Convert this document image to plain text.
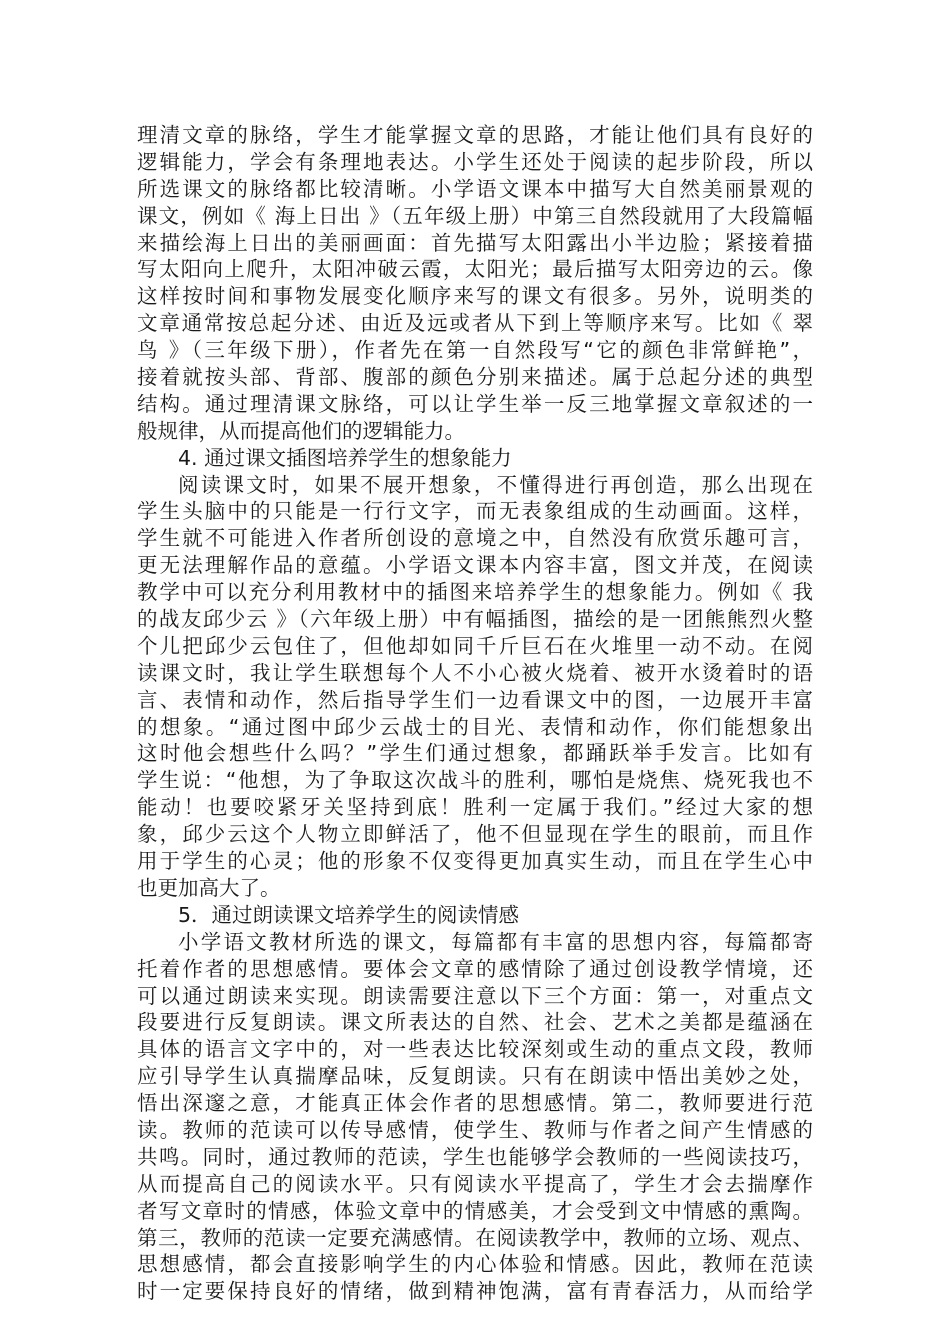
理清文章的脉络，学生才能掌握文章的思路，才能让他们具有良好的
逻辑能力，学会有条理地表达。小学生还处于阅读的起步阶段，所以
所选课文的脉络都比较清晰。小学语文课本中描写大自然美丽景观的
课文，例如《 海上日出 》（五年级上册）中第三自然段就用了大段篇幅
来描绘海上日出的美丽画面：首先描写太阳露出小半边脸；紧接着描
写太阳向上爬升，太阳冲破云霞，太阳光；最后描写太阳旁边的云。像
这样按时间和事物发展变化顺序来写的课文有很多。另外，说明类的
文章通常按总起分述、由近及远或者从下到上等顺序来写。比如《 翠
鸟 》（三年级下册），作者先在第一自然段写“它的颜色非常鲜艳”，
接着就按头部、背部、腹部的颜色分别来描述。属于总起分述的典型
结构。通过理清课文脉络，可以让学生举一反三地掌握文章叙述的一
般规律，从而提高他们的逻辑能力。
4. 通过课文插图培养学生的想象能力
阅读课文时，如果不展开想象，不懂得进行再创造，那么出现在
学生头脑中的只能是一行行文字，而无表象组成的生动画面。这样，
学生就不可能进入作者所创设的意境之中，自然没有欣赏乐趣可言，
更无法理解作品的意蕴。小学语文课本内容丰富，图文并茂，在阅读
教学中可以充分利用教材中的插图来培养学生的想象能力。例如《 我
的战友邱少云 》（六年级上册）中有幅插图，描绘的是一团熊熊烈火整
个儿把邱少云包住了，但他却如同千斤巨石在火堆里一动不动。在阅
读课文时，我让学生联想每个人不小心被火烧着、被开水烫着时的语
言、表情和动作，然后指导学生们一边看课文中的图，一边展开丰富
的想象。“通过图中邱少云战士的目光、表情和动作，你们能想象出
这时他会想些什么吗？”学生们通过想象，都踊跃举手发言。比如有
学生说：“他想，为了争取这次战斗的胜利，哪怕是烧焦、烧死我也不
能动！也要咬紧牙关坚持到底！胜利一定属于我们。”经过大家的想
象，邱少云这个人物立即鲜活了，他不但显现在学生的眼前，而且作
用于学生的心灵；他的形象不仅变得更加真实生动，而且在学生心中
也更加高大了。
5．通过朗读课文培养学生的阅读情感
小学语文教材所选的课文，每篇都有丰富的思想内容，每篇都寄
托着作者的思想感情。要体会文章的感情除了通过创设教学情境，还
可以通过朗读来实现。朗读需要注意以下三个方面：第一，对重点文
段要进行反复朗读。课文所表达的自然、社会、艺术之美都是蕴涵在
具体的语言文字中的，对一些表达比较深刻或生动的重点文段，教师
应引导学生认真揣摩品味，反复朗读。只有在朗读中悟出美妙之处，
悟出深邃之意，才能真正体会作者的思想感情。第二，教师要进行范
读。教师的范读可以传导感情，使学生、教师与作者之间产生情感的
共鸣。同时，通过教师的范读，学生也能够学会教师的一些阅读技巧，
从而提高自己的阅读水平。只有阅读水平提高了，学生才会去揣摩作
者写文章时的情感，体验文章中的情感美，才会受到文中情感的熏陶。
第三，教师的范读一定要充满感情。在阅读教学中，教师的立场、观点、
思想感情，都会直接影响学生的内心体验和情感。因此，教师在范读
时一定要保持良好的情绪，做到精神饱满，富有青春活力，从而给学
